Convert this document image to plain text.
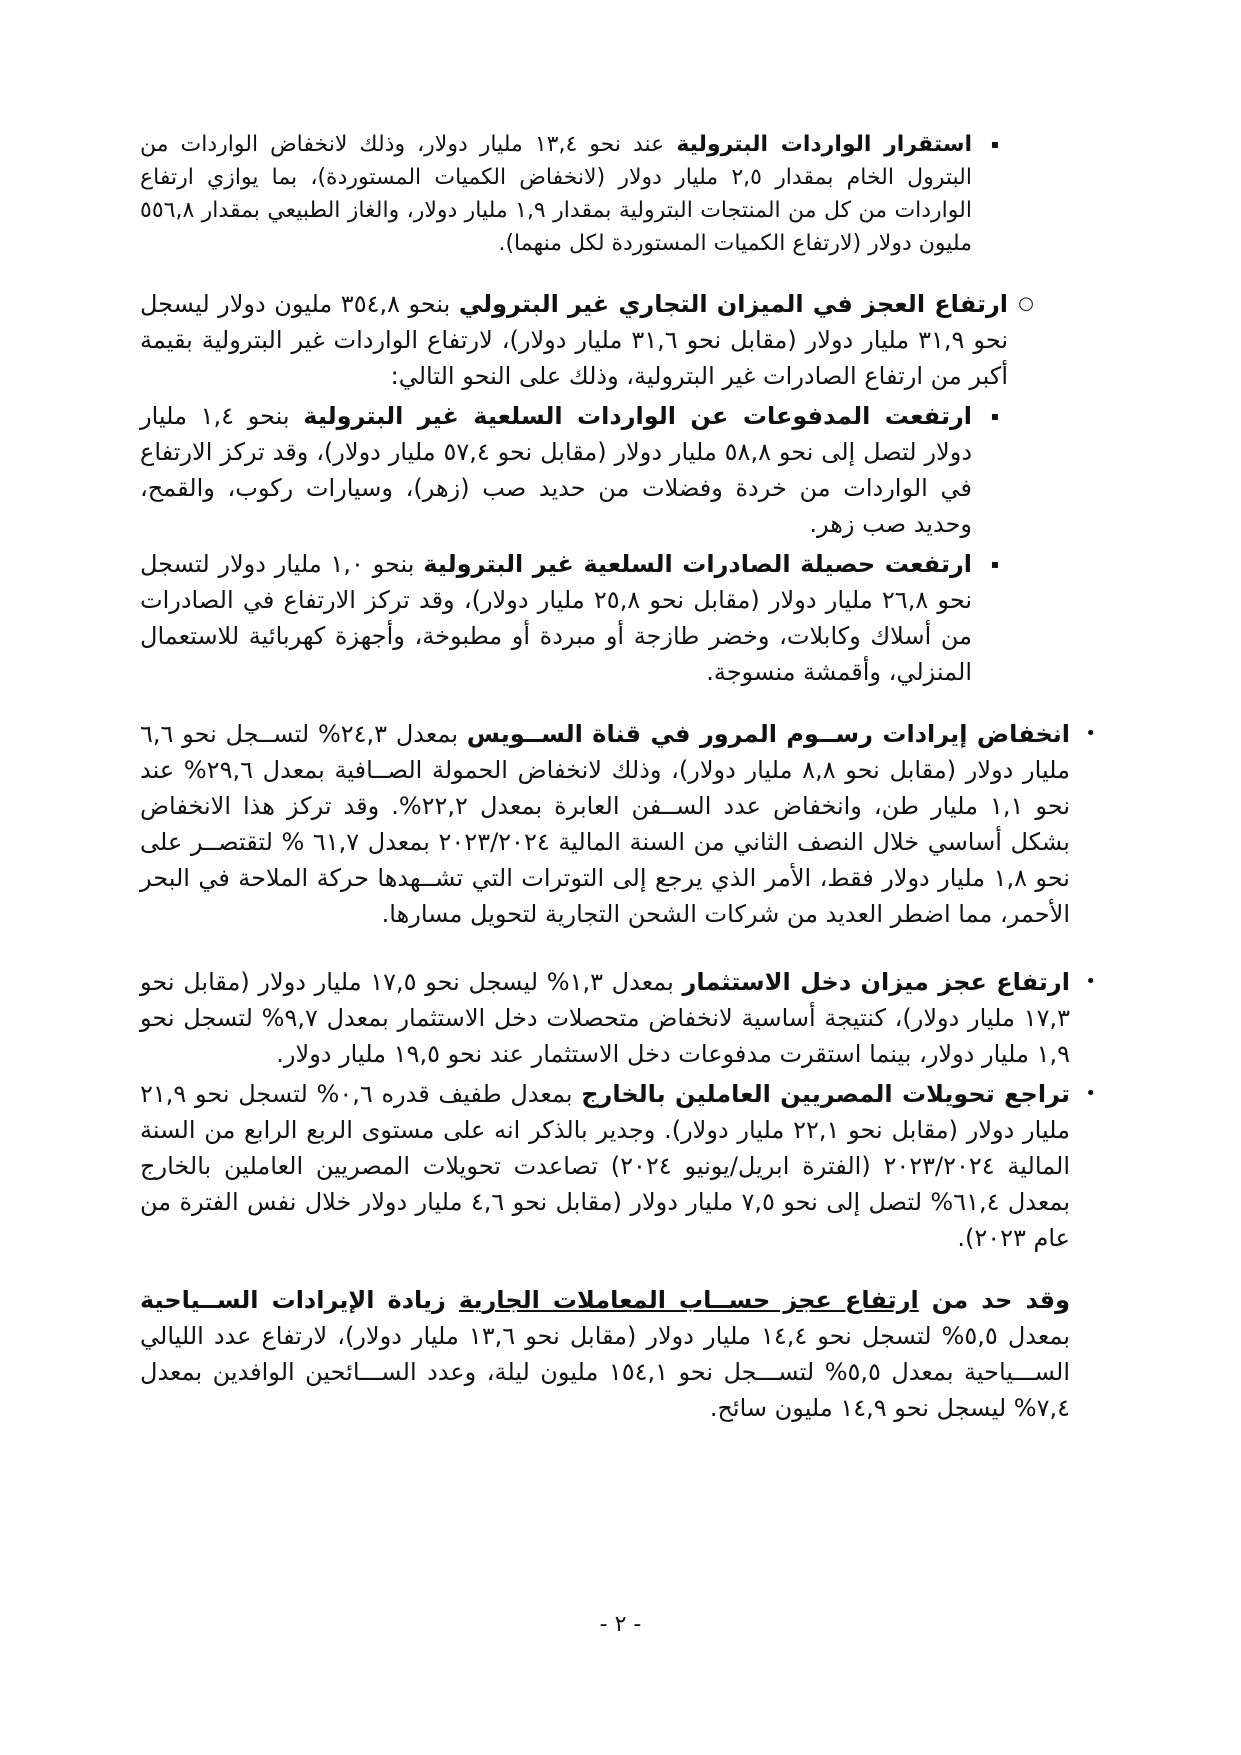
▪
استقرار الواردات البترولية عند نحو ١٣,٤ مليار دولار، وذلك لانخفاض الواردات من البترول الخام بمقدار ٢,٥ مليار دولار (لانخفاض الكميات المستوردة)، بما يوازي ارتفاع الواردات من كل من المنتجات البترولية بمقدار ١,٩ مليار دولار، والغاز الطبيعي بمقدار ٥٥٦,٨ مليون دولار (لارتفاع الكميات المستوردة لكل منهما).
○
ارتفاع العجز في الميزان التجاري غير البترولي بنحو ٣٥٤,٨ مليون دولار ليسجل نحو ٣١,٩ مليار دولار (مقابل نحو ٣١,٦ مليار دولار)، لارتفاع الواردات غير البترولية بقيمة أكبر من ارتفاع الصادرات غير البترولية، وذلك على النحو التالي:
▪
ارتفعت المدفوعات عن الواردات السلعية غير البترولية بنحو ١,٤ مليار دولار لتصل إلى نحو ٥٨,٨ مليار دولار (مقابل نحو ٥٧,٤ مليار دولار)، وقد تركز الارتفاع في الواردات من خردة وفضلات من حديد صب (زهر)، وسيارات ركوب، والقمح، وحديد صب زهر.
▪
ارتفعت حصيلة الصادرات السلعية غير البترولية بنحو ١,٠ مليار دولار لتسجل نحو ٢٦,٨ مليار دولار (مقابل نحو ٢٥,٨ مليار دولار)، وقد تركز الارتفاع في الصادرات من أسلاك وكابلات، وخضر طازجة أو مبردة أو مطبوخة، وأجهزة كهربائية للاستعمال المنزلي، وأقمشة منسوجة.
•
انخفاض إيرادات رســوم المرور في قناة الســويس بمعدل ٢٤,٣% لتســجل نحو ٦,٦ مليار دولار (مقابل نحو ٨,٨ مليار دولار)، وذلك لانخفاض الحمولة الصــافية بمعدل ٢٩,٦% عند نحو ١,١ مليار طن، وانخفاض عدد الســفن العابرة بمعدل ٢٢,٢%. وقد تركز هذا الانخفاض بشكل أساسي خلال النصف الثاني من السنة المالية ٢٠٢٣/٢٠٢٤ بمعدل ٦١,٧ % لتقتصــر على نحو ١,٨ مليار دولار فقط، الأمر الذي يرجع إلى التوترات التي تشــهدها حركة الملاحة في البحر الأحمر، مما اضطر العديد من شركات الشحن التجارية لتحويل مسارها.
•
ارتفاع عجز ميزان دخل الاستثمار بمعدل ١,٣% ليسجل نحو ١٧,٥ مليار دولار (مقابل نحو ١٧,٣ مليار دولار)، كنتيجة أساسية لانخفاض متحصلات دخل الاستثمار بمعدل ٩,٧% لتسجل نحو ١,٩ مليار دولار، بينما استقرت مدفوعات دخل الاستثمار عند نحو ١٩,٥ مليار دولار.
•
تراجع تحويلات المصريين العاملين بالخارج بمعدل طفيف قدره ٠,٦% لتسجل نحو ٢١,٩ مليار دولار (مقابل نحو ٢٢,١ مليار دولار). وجدير بالذكر انه على مستوى الربع الرابع من السنة المالية ٢٠٢٣/٢٠٢٤ (الفترة ابريل/يونيو ٢٠٢٤) تصاعدت تحويلات المصريين العاملين بالخارج بمعدل ٦١,٤% لتصل إلى نحو ٧,٥ مليار دولار (مقابل نحو ٤,٦ مليار دولار خلال نفس الفترة من عام ٢٠٢٣).
وقد حد من ارتفاع عجز حســاب المعاملات الجارية زيادة الإيرادات الســياحية بمعدل ٥,٥% لتسجل نحو ١٤,٤ مليار دولار (مقابل نحو ١٣,٦ مليار دولار)، لارتفاع عدد الليالي الســـياحية بمعدل ٥,٥% لتســـجل نحو ١٥٤,١ مليون ليلة، وعدد الســـائحين الوافدين بمعدل ٧,٤% ليسجل نحو ١٤,٩ مليون سائح.
- ٢ -
